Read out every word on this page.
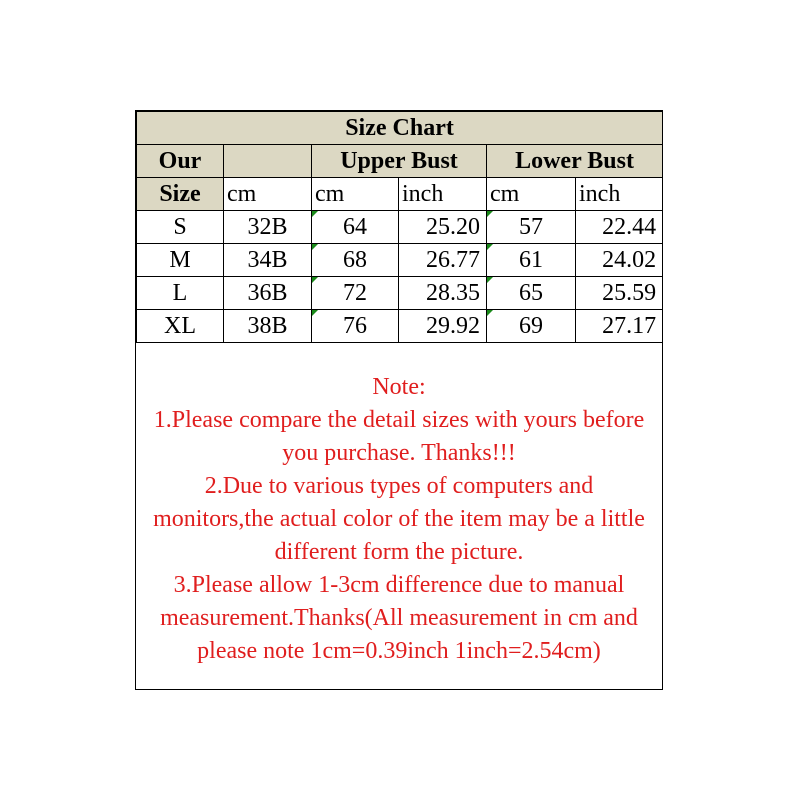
Size Chart					
Our		Upper Bust		Lower Bust	
Size	cm	cm	inch	cm	inch
S	32B	64	25.20	57	22.44
M	34B	68	26.77	61	24.02
L	36B	72	28.35	65	25.59
XL	38B	76	29.92	69	27.17
Note:
1.Please compare the detail sizes with yours before
you purchase. Thanks!!!
2.Due to various types of computers and
monitors,the actual color of the item may be a little
different form the picture.
3.Please allow 1-3cm difference due to manual
measurement.Thanks(All measurement in cm and
please note 1cm=0.39inch 1inch=2.54cm)
